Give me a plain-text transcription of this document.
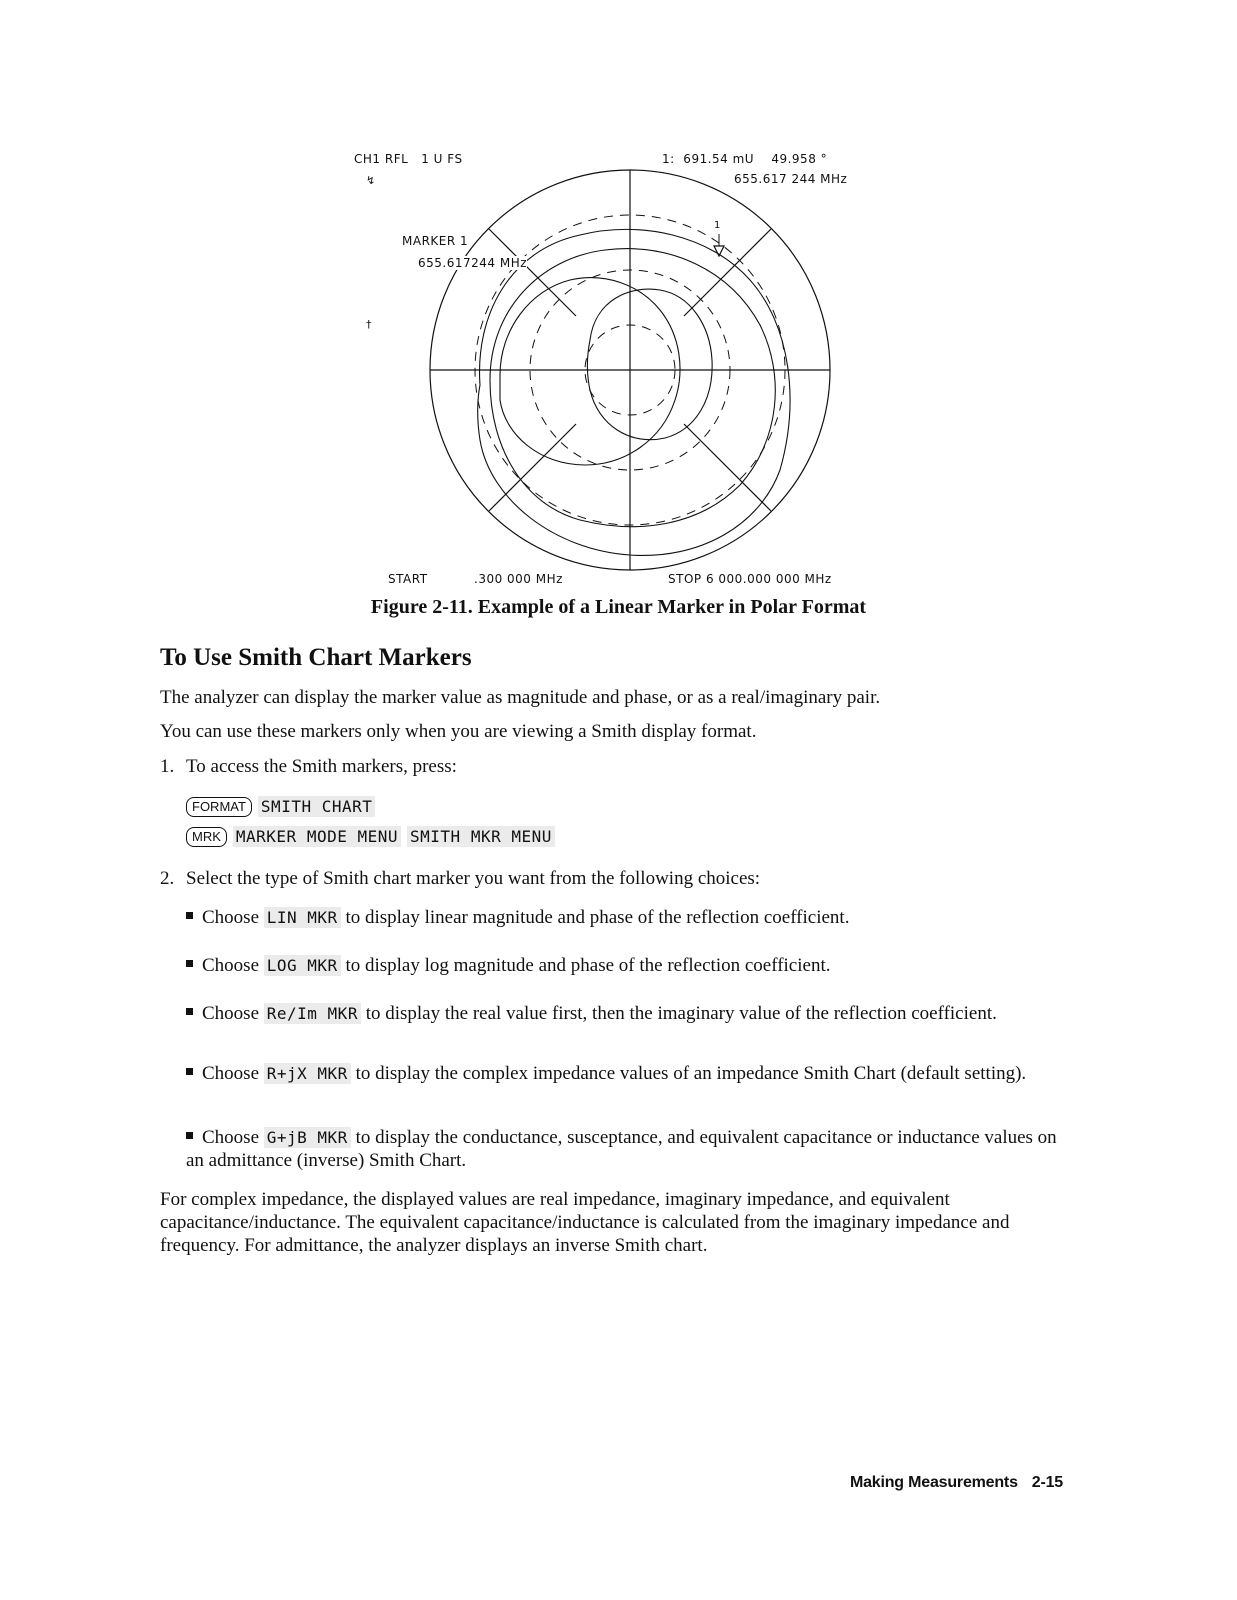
CH1 RFL   1 U FS	1:  691.54 mU    49.958 °
655.617 244 MHz
↯
†
MARKER 1
655.617244 MHz
1
START	.300 000 MHz	STOP 6 000.000 000 MHz
Figure 2-11. Example of a Linear Marker in Polar Format
To Use Smith Chart Markers
The analyzer can display the marker value as magnitude and phase, or as a real/imaginary pair.
You can use these markers only when you are viewing a Smith display format.
1. To access the Smith markers, press:
FORMAT SMITH CHART
MRK MARKER MODE MENU SMITH MKR MENU
2. Select the type of Smith chart marker you want from the following choices:
Choose LIN MKR to display linear magnitude and phase of the reflection coefficient.
Choose LOG MKR to display log magnitude and phase of the reflection coefficient.
Choose Re/Im MKR to display the real value first, then the imaginary value of the reflection coefficient.
Choose R+jX MKR to display the complex impedance values of an impedance Smith Chart (default setting).
Choose G+jB MKR to display the conductance, susceptance, and equivalent capacitance or inductance values on an admittance (inverse) Smith Chart.
For complex impedance, the displayed values are real impedance, imaginary impedance, and equivalent capacitance/inductance. The equivalent capacitance/inductance is calculated from the imaginary impedance and frequency. For admittance, the analyzer displays an inverse Smith chart.
Making Measurements 2-15
